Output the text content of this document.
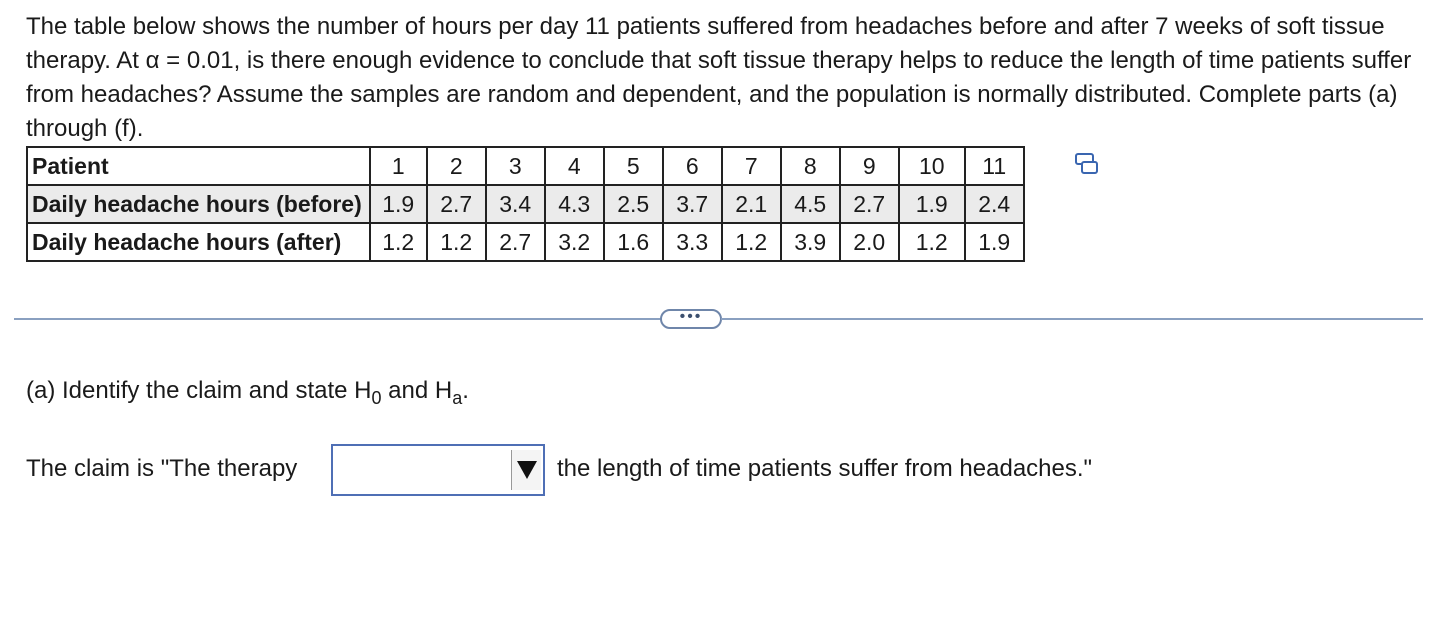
The table below shows the number of hours per day 11 patients suffered from headaches before and after 7 weeks of soft tissue therapy. At α = 0.01, is there enough evidence to conclude that soft tissue therapy helps to reduce the length of time patients suffer from headaches? Assume the samples are random and dependent, and the population is normally distributed. Complete parts (a) through (f).

Patient	1	2	3	4	5	6	7	8	9	10	11
Daily headache hours (before)	1.9	2.7	3.4	4.3	2.5	3.7	2.1	4.5	2.7	1.9	2.4
Daily headache hours (after)	1.2	1.2	2.7	3.2	1.6	3.3	1.2	3.9	2.0	1.2	1.9
•••
(a) Identify the claim and state $H_0$ and $H_a$.
The claim is "The therapy	the length of time patients suffer from headaches."
